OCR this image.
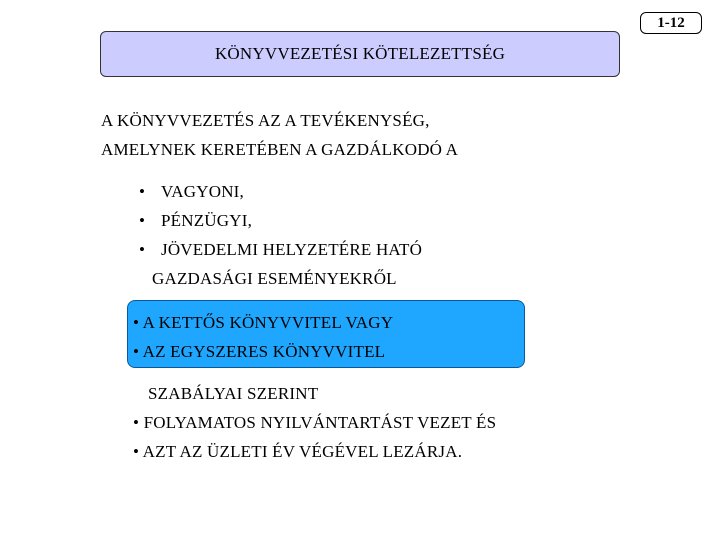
1-12
KÖNYVVEZETÉSI KÖTELEZETTSÉG
A KÖNYVVEZETÉS AZ A TEVÉKENYSÉG,
AMELYNEK KERETÉBEN A GAZDÁLKODÓ A
• VAGYONI,
• PÉNZÜGYI,
• JÖVEDELMI HELYZETÉRE HATÓ
GAZDASÁGI ESEMÉNYEKRŐL
• A KETTŐS KÖNYVVITEL VAGY
• AZ EGYSZERES KÖNYVVITEL
SZABÁLYAI SZERINT
• FOLYAMATOS NYILVÁNTARTÁST VEZET ÉS
• AZT AZ ÜZLETI ÉV VÉGÉVEL LEZÁRJA.
